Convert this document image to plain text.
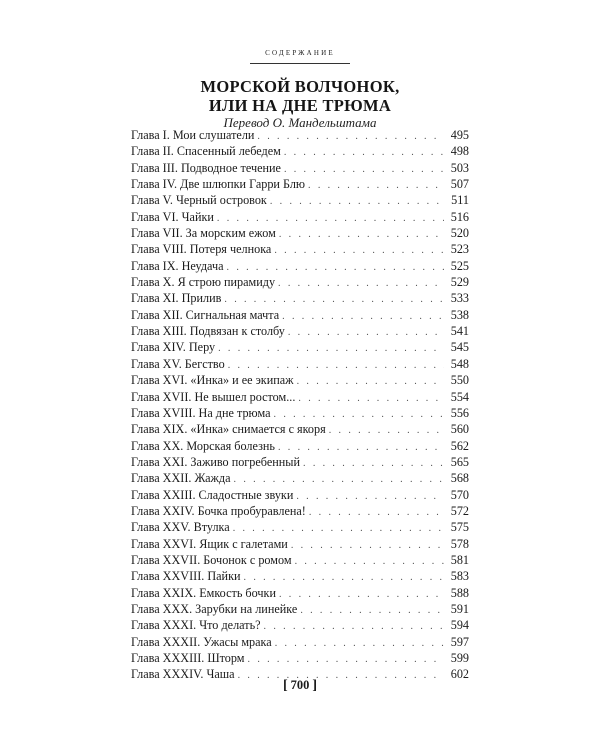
содержание
МОРСКОЙ ВОЛЧОНОК,
ИЛИ НА ДНЕ ТРЮМА
Перевод О. Мандельштама
Глава I. Мои слушатели . . .	495
Глава II. Спасенный лебедем . . .	498
Глава III. Подводное течение . . .	503
Глава IV. Две шлюпки Гарри Блю . . .	507
Глава V. Черный островок . . .	511
Глава VI. Чайки . . .	516
Глава VII. За морским ежом . . .	520
Глава VIII. Потеря челнока . . .	523
Глава IX. Неудача . . .	525
Глава X. Я строю пирамиду . . .	529
Глава XI. Прилив . . .	533
Глава XII. Сигнальная мачта . . .	538
Глава XIII. Подвязан к столбу . . .	541
Глава XIV. Перу . . .	545
Глава XV. Бегство . . .	548
Глава XVI. «Инка» и ее экипаж . . .	550
Глава XVII. Не вышел ростом... . . .	554
Глава XVIII. На дне трюма . . .	556
Глава XIX. «Инка» снимается с якоря . . .	560
Глава XX. Морская болезнь . . .	562
Глава XXI. Заживо погребенный . . .	565
Глава XXII. Жажда . . .	568
Глава XXIII. Сладостные звуки . . .	570
Глава XXIV. Бочка пробуравлена! . . .	572
Глава XXV. Втулка . . .	575
Глава XXVI. Ящик с галетами . . .	578
Глава XXVII. Бочонок с ромом . . .	581
Глава XXVIII. Пайки . . .	583
Глава XXIX. Емкость бочки . . .	588
Глава XXX. Зарубки на линейке . . .	591
Глава XXXI. Что делать? . . .	594
Глава XXXII. Ужасы мрака . . .	597
Глава XXXIII. Шторм . . .	599
Глава XXXIV. Чаша . . .	602
[ 700 ]
